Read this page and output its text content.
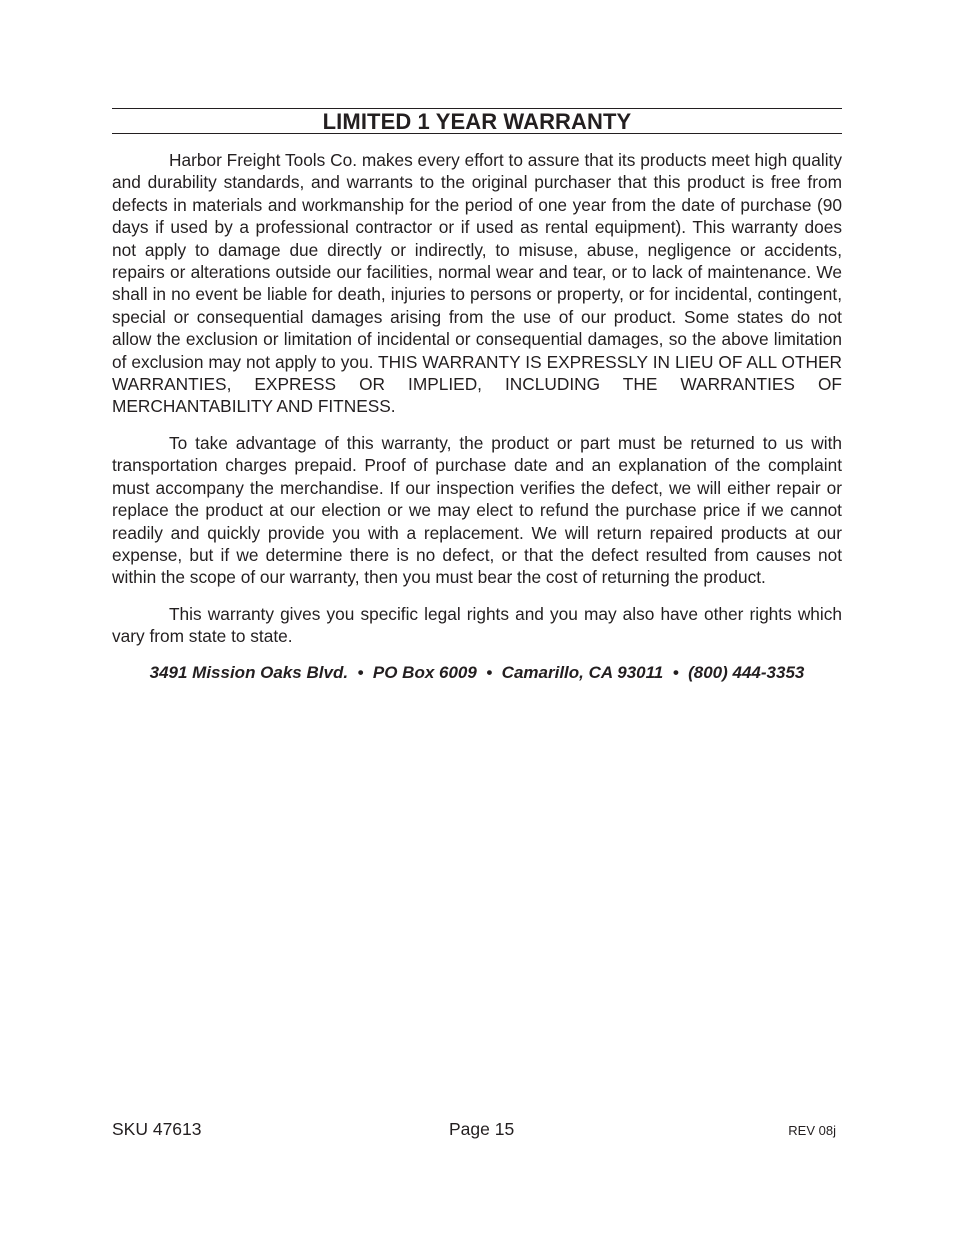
LIMITED 1 YEAR WARRANTY

Harbor Freight Tools Co. makes every effort to assure that its products meet high quality and durability standards, and warrants to the original purchaser that this product is free from defects in materials and workmanship for the period of one year from the date of purchase (90 days if used by a professional contractor or if used as rental equipment). This warranty does not apply to damage due directly or indirectly, to misuse, abuse, negligence or accidents, repairs or alterations outside our facilities, normal wear and tear, or to lack of maintenance. We shall in no event be liable for death, injuries to persons or property, or for incidental, contingent, special or consequential damages arising from the use of our product. Some states do not allow the exclusion or limitation of incidental or consequential damages, so the above limitation of exclusion may not apply to you. THIS WARRANTY IS EXPRESSLY IN LIEU OF ALL OTHER WARRANTIES, EXPRESS OR IMPLIED, INCLUDING THE WARRANTIES OF MERCHANTABILITY AND FITNESS.

To take advantage of this warranty, the product or part must be returned to us with transportation charges prepaid. Proof of purchase date and an explanation of the complaint must accompany the merchandise. If our inspection verifies the defect, we will either repair or replace the product at our election or we may elect to refund the purchase price if we cannot readily and quickly provide you with a replacement. We will return repaired products at our expense, but if we determine there is no defect, or that the defect resulted from causes not within the scope of our warranty, then you must bear the cost of returning the product.

This warranty gives you specific legal rights and you may also have other rights which vary from state to state.

3491 Mission Oaks Blvd.  •  PO Box 6009  •  Camarillo, CA 93011  •  (800) 444-3353
SKU 47613	Page 15	REV 08j
